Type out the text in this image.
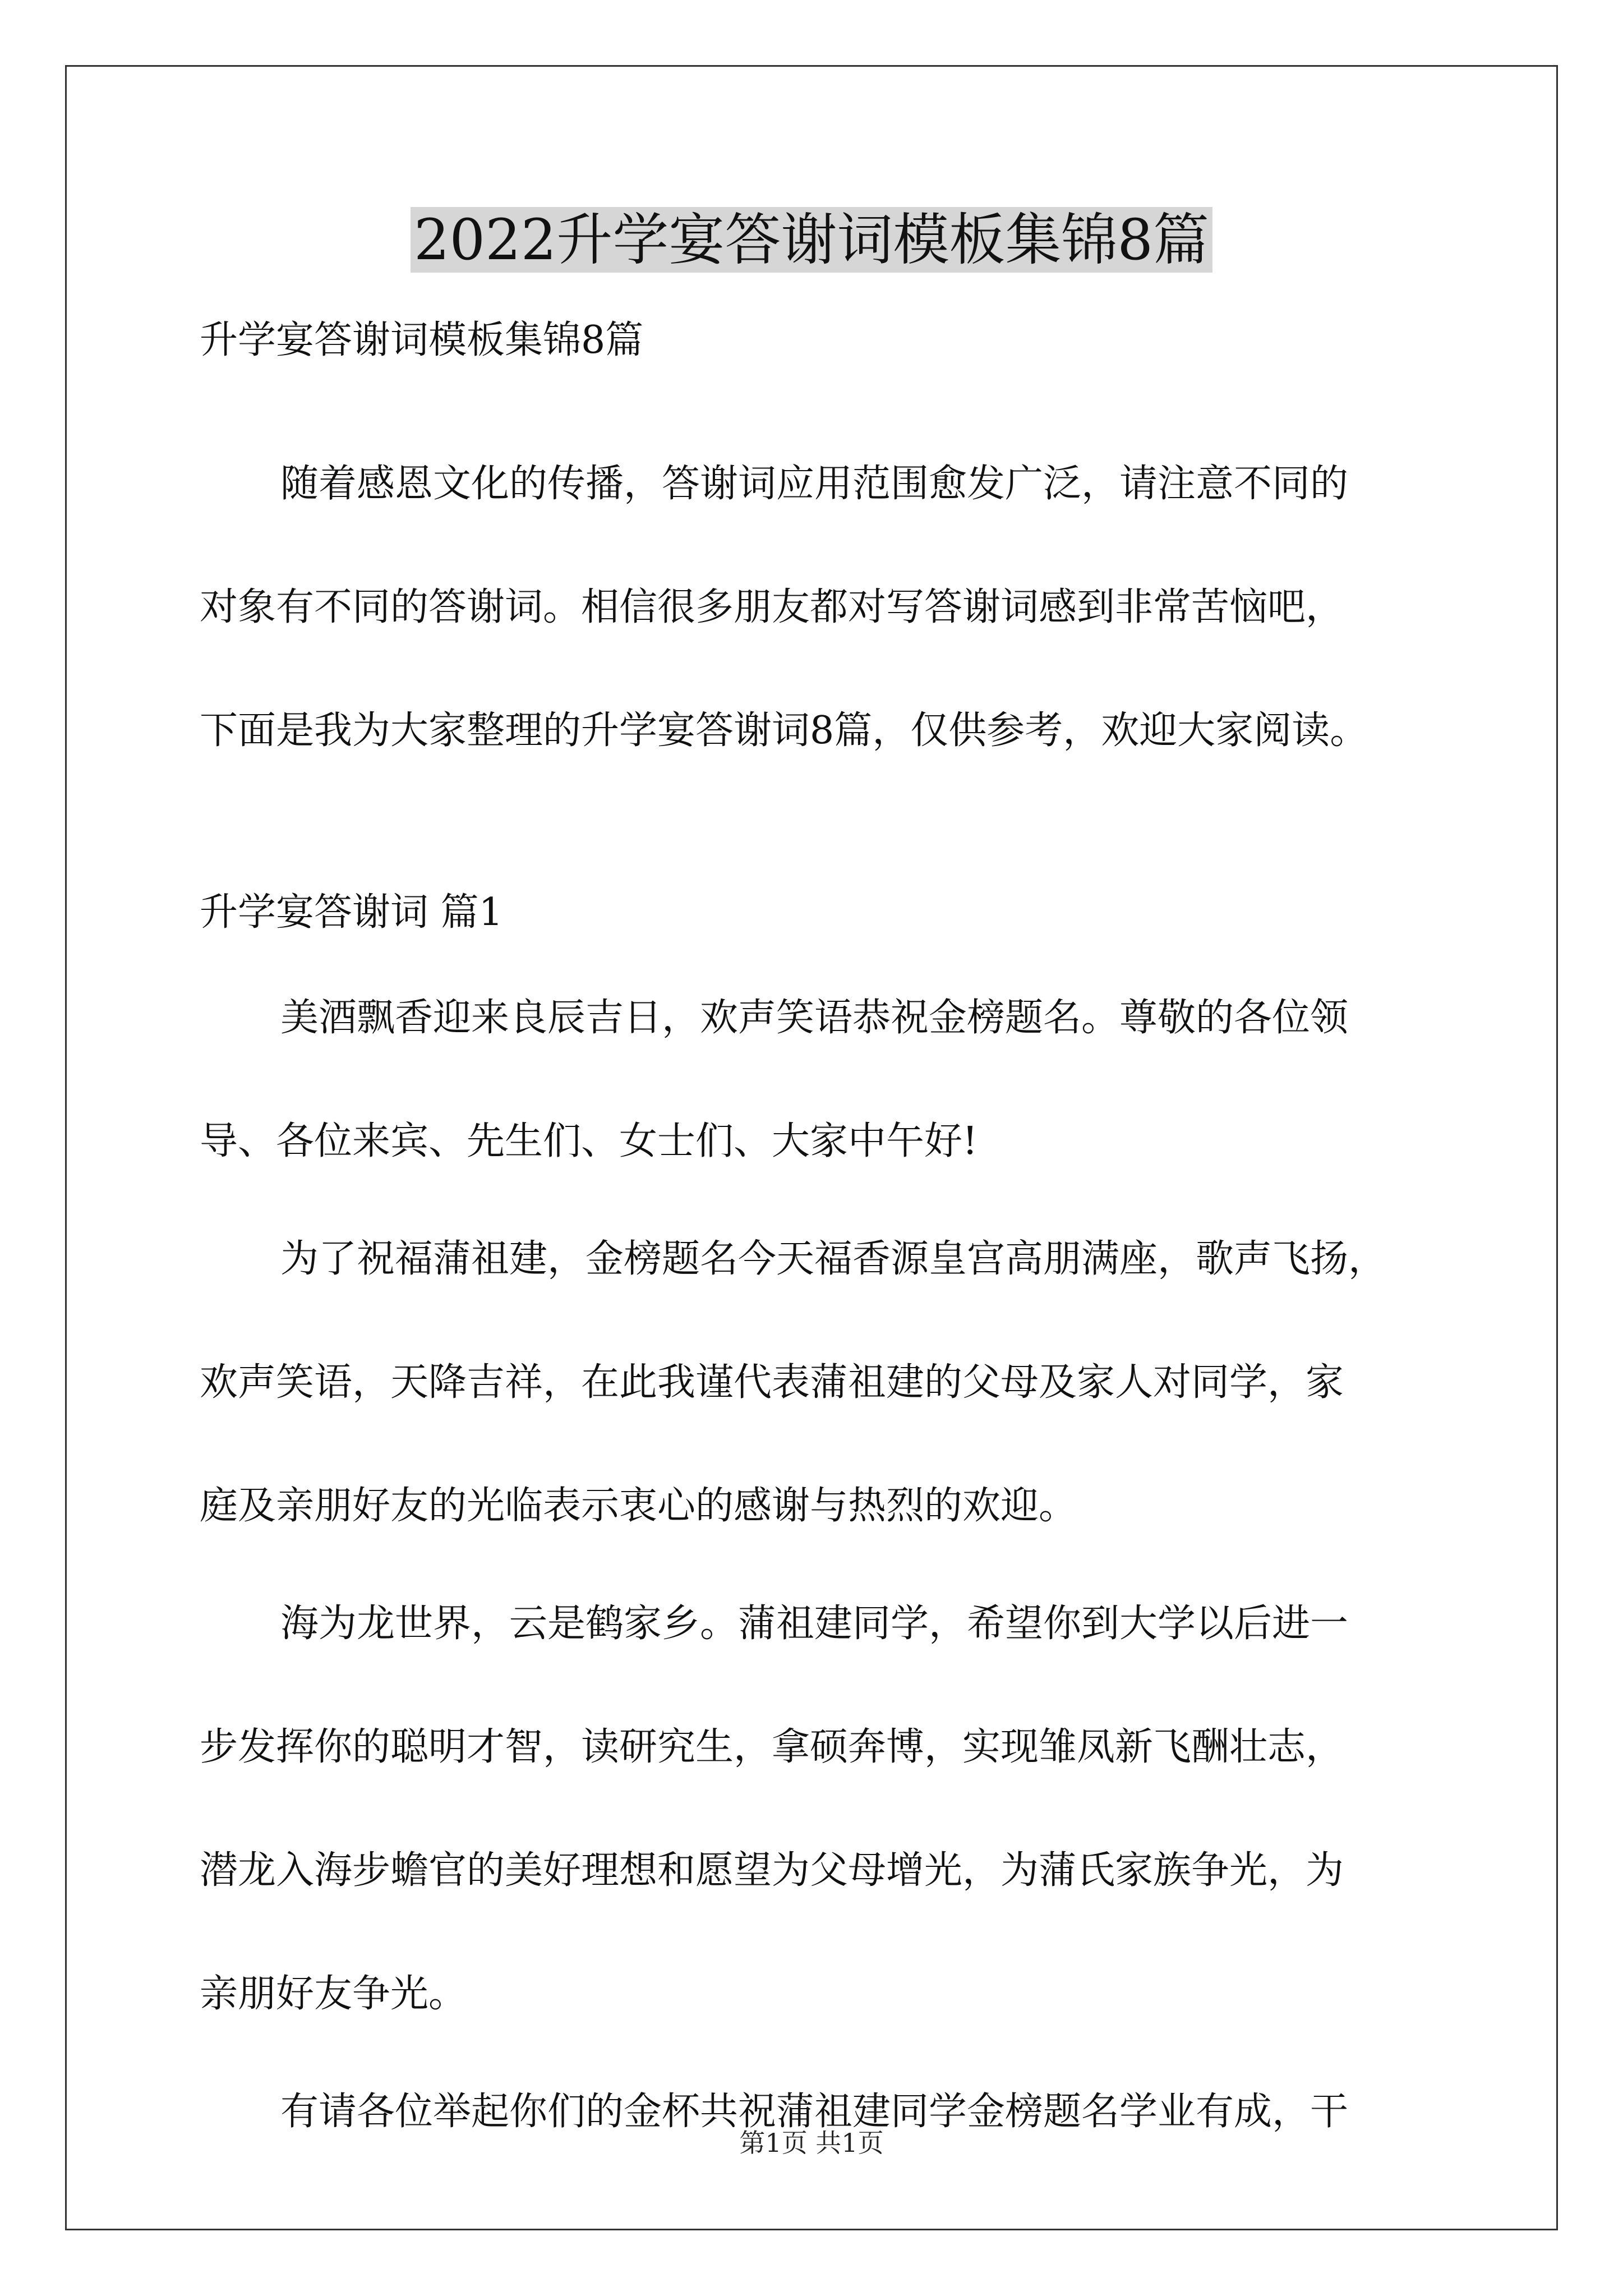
2022升学宴答谢词模板集锦8篇

升学宴答谢词模板集锦8篇

随着感恩文化的传播，答谢词应用范围愈发广泛，请注意不同的

对象有不同的答谢词。相信很多朋友都对写答谢词感到非常苦恼吧，

下面是我为大家整理的升学宴答谢词8篇，仅供参考，欢迎大家阅读。

升学宴答谢词 篇1

美酒飘香迎来良辰吉日，欢声笑语恭祝金榜题名。尊敬的各位领

导、各位来宾、先生们、女士们、大家中午好!

为了祝福蒲祖建，金榜题名今天福香源皇宫高朋满座，歌声飞扬，

欢声笑语，天降吉祥，在此我谨代表蒲祖建的父母及家人对同学，家

庭及亲朋好友的光临表示衷心的感谢与热烈的欢迎。

海为龙世界，云是鹤家乡。蒲祖建同学，希望你到大学以后进一

步发挥你的聪明才智，读研究生，拿硕奔博，实现雏凤新飞酬壮志，

潜龙入海步蟾官的美好理想和愿望为父母增光，为蒲氏家族争光，为

亲朋好友争光。

有请各位举起你们的金杯共祝蒲祖建同学金榜题名学业有成，干

第1页 共1页
